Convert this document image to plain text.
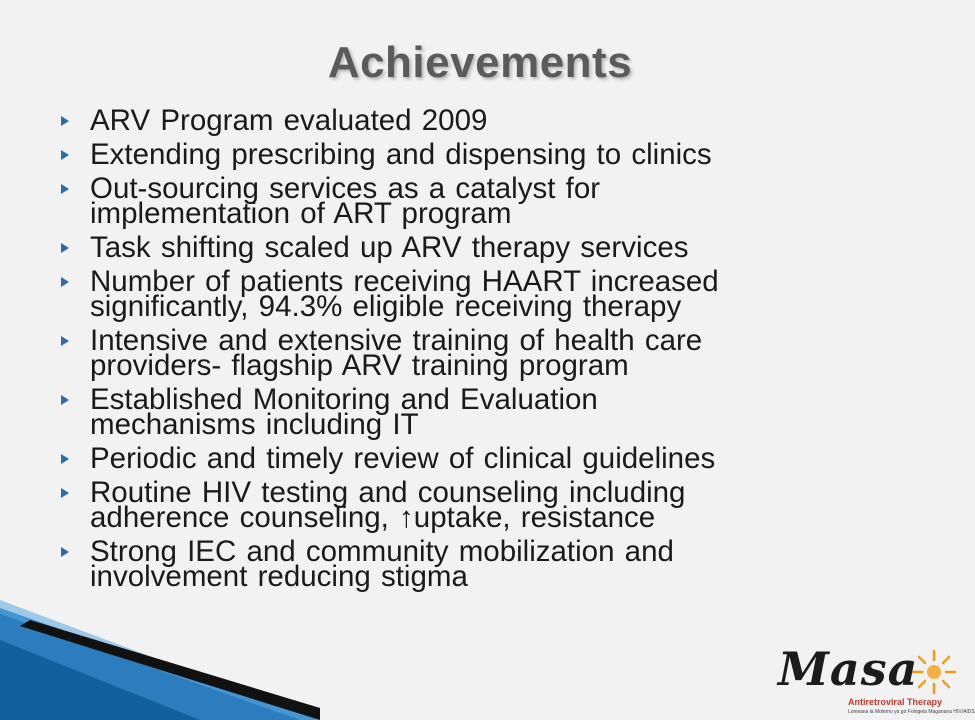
Achievements
ARV Program evaluated 2009
Extending prescribing and dispensing to clinics
Out-sourcing services as a catalyst for
implementation of ART program
Task shifting scaled up ARV therapy services
Number of patients receiving HAART increased
significantly, 94.3% eligible receiving therapy
Intensive and extensive training of health care
providers- flagship ARV training program
Established Monitoring and Evaluation
mechanisms including IT
Periodic and timely review of clinical guidelines
Routine HIV testing and counseling including
adherence counseling, ↑uptake, resistance
Strong IEC and community mobilization and
involvement reducing stigma
Masa
Antiretroviral Therapy
Lonwana la Molemo ya go Fologela Maganana HIV/AIDS
